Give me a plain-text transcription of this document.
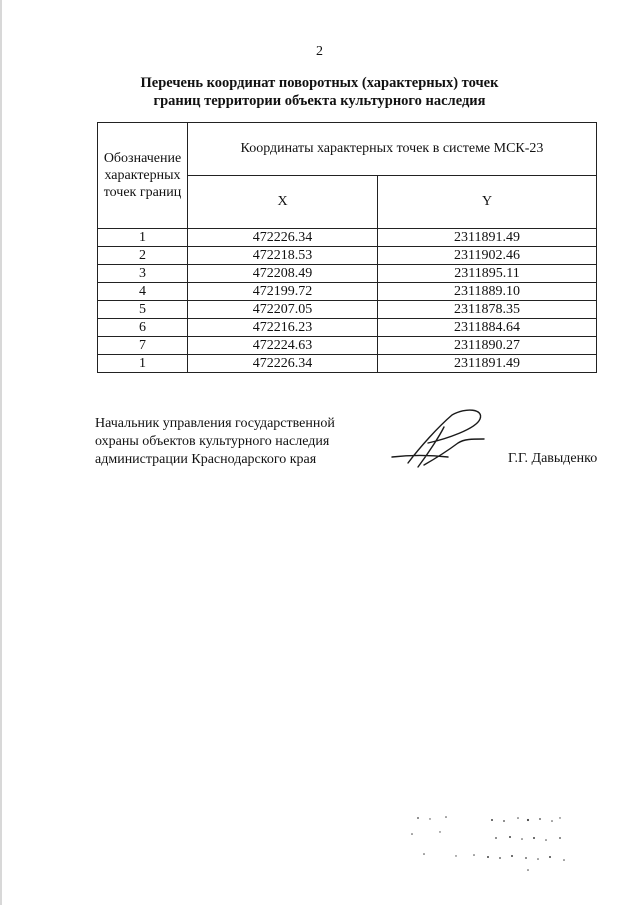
2
Перечень координат поворотных (характерных) точек
границ территории объекта культурного наследия
Обозначение
характерных
точек границ	Координаты характерных точек в системе МСК-23	
	X	Y
1	472226.34	2311891.49
2	472218.53	2311902.46
3	472208.49	2311895.11
4	472199.72	2311889.10
5	472207.05	2311878.35
6	472216.23	2311884.64
7	472224.63	2311890.27
1	472226.34	2311891.49
Начальник управления государственной
охраны объектов культурного наследия
администрации Краснодарского края	Г.Г. Давыденко
